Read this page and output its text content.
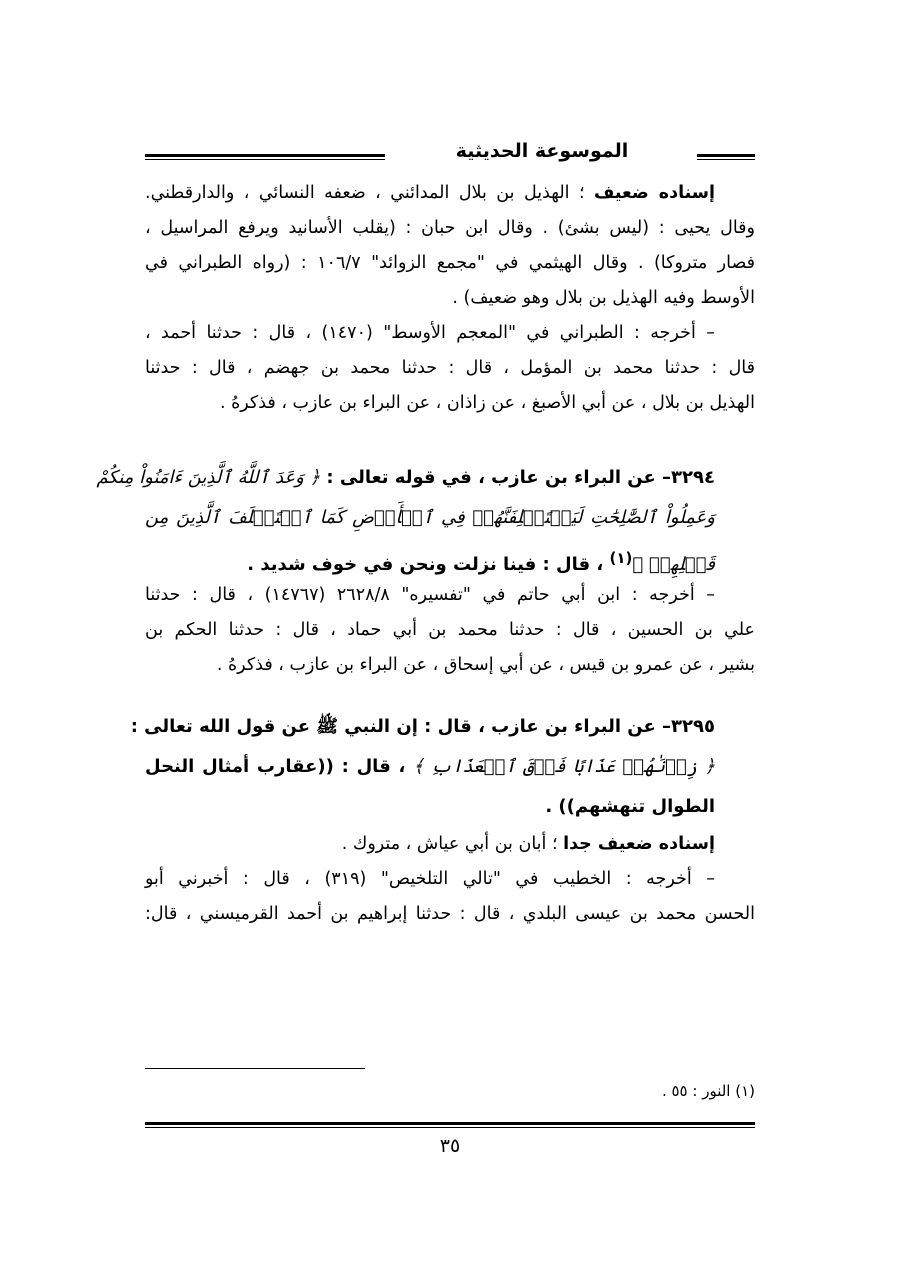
الموسوعة الحديثية
إسناده ضعيف ؛ الهذيل بن بلال المدائني ، ضعفه النسائي ، والدارقطني.
وقال يحيى : (ليس بشئ) . وقال ابن حبان : (يقلب الأسانيد ويرفع المراسيل ،
فصار متروكا) . وقال الهيثمي في "مجمع الزوائد" ١٠٦/٧ : (رواه الطبراني في
الأوسط وفيه الهذيل بن بلال وهو ضعيف) .
– أخرجه : الطبراني في "المعجم الأوسط" (١٤٧٠) ، قال : حدثنا أحمد ،
قال : حدثنا محمد بن المؤمل ، قال : حدثنا محمد بن جهضم ، قال : حدثنا
الهذيل بن بلال ، عن أبي الأصبغ ، عن زاذان ، عن البراء بن عازب ، فذكرهُ .
٣٢٩٤– عن البراء بن عازب ، في قوله تعالى : ﴿ وَعَدَ ٱللَّهُ ٱلَّذِينَ ءَامَنُواْ مِنكُمْ
وَعَمِلُواْ ٱلصَّٰلِحَٰتِ لَيَسۡتَخۡلِفَنَّهُمۡ فِي ٱلۡأَرۡضِ كَمَا ٱسۡتَخۡلَفَ ٱلَّذِينَ مِن
قَبۡلِهِمۡ ﴾$^{(١)}$ ، قال : فينا نزلت ونحن في خوف شديد .
– أخرجه : ابن أبي حاتم في "تفسيره" ٢٦٢٨/٨ (١٤٧٦٧) ، قال : حدثنا
علي بن الحسين ، قال : حدثنا محمد بن أبي حماد ، قال : حدثنا الحكم بن
بشير ، عن عمرو بن قيس ، عن أبي إسحاق ، عن البراء بن عازب ، فذكرهُ .
٣٢٩٥– عن البراء بن عازب ، قال : إن النبي ﷺ عن قول الله تعالى :
﴿ زِدۡنَٰهُمۡ عَذَابًا فَوۡقَ ٱلۡعَذَابِ ﴾ ، قال : ((عقارب أمثال النحل
الطوال تنهشهم)) .
إسناده ضعيف جدا ؛ أبان بن أبي عياش ، متروك .
– أخرجه : الخطيب في "تالي التلخيص" (٣١٩) ، قال : أخبرني أبو
الحسن محمد بن عيسى البلدي ، قال : حدثنا إبراهيم بن أحمد القرميسني ، قال:
(١) النور : ٥٥ .
٣٥
